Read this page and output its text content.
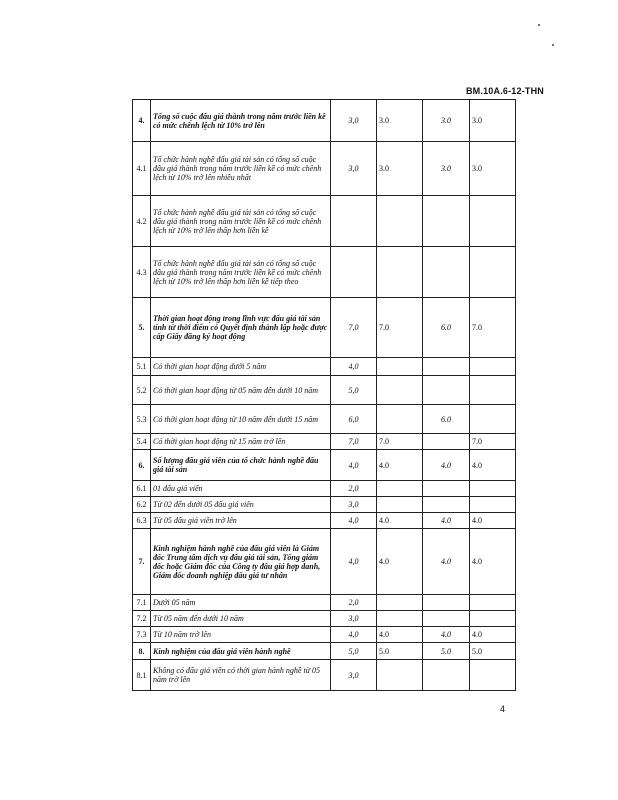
BM.10A.6-12-THN
4.	Tổng số cuộc đấu giá thành trong năm trước liền kề có mức chênh lệch từ 10% trở lên	3,0	3.0	3.0	3.0
4.1	Tổ chức hành nghề đấu giá tài sản có tổng số cuộc đấu giá thành trong năm trước liền kề có mức chênh lệch từ 10% trở lên nhiều nhất	3,0	3.0	3.0	3.0
4.2	Tổ chức hành nghề đấu giá tài sản có tổng số cuộc đấu giá thành trong năm trước liền kề có mức chênh lệch từ 10% trở lên thấp hơn liền kề				
4.3	Tổ chức hành nghề đấu giá tài sản có tổng số cuộc đấu giá thành trong năm trước liền kề có mức chênh lệch từ 10% trở lên thấp hơn liền kề tiếp theo				
5.	Thời gian hoạt động trong lĩnh vực đấu giá tài sản tính từ thời điểm có Quyết định thành lập hoặc được cấp Giấy đăng ký hoạt động	7,0	7.0	6.0	7.0
5.1	Có thời gian hoạt động dưới 5 năm	4,0			
5.2	Có thời gian hoạt động từ 05 năm đến dưới 10 năm	5,0			
5.3	Có thời gian hoạt động từ 10 năm đến dưới 15 năm	6,0		6.0	
5.4	Có thời gian hoạt động từ 15 năm trở lên	7,0	7.0		7.0
6.	Số lượng đấu giá viên của tổ chức hành nghề đấu giá tài sản	4,0	4.0	4.0	4.0
6.1	01 đấu giá viên	2,0			
6.2	Từ 02 đến dưới 05 đấu giá viên	3,0			
6.3	Từ 05 đấu giá viên trở lên	4,0	4.0	4.0	4.0
7.	Kinh nghiệm hành nghề của đấu giá viên là Giám đốc Trung tâm dịch vụ đấu giá tài sản, Tổng giám đốc hoặc Giám đốc của Công ty đấu giá hợp danh, Giám đốc doanh nghiệp đấu giá tư nhân	4,0	4.0	4.0	4.0
7.1	Dưới 05 năm	2,0			
7.2	Từ 05 năm đến dưới 10 năm	3,0			
7.3	Từ 10 năm trở lên	4,0	4.0	4.0	4.0
8.	Kinh nghiệm của đấu giá viên hành nghề	5,0	5.0	5.0	5.0
8.1	Không có đấu giá viên có thời gian hành nghề từ 05 năm trở lên	3,0			
4
